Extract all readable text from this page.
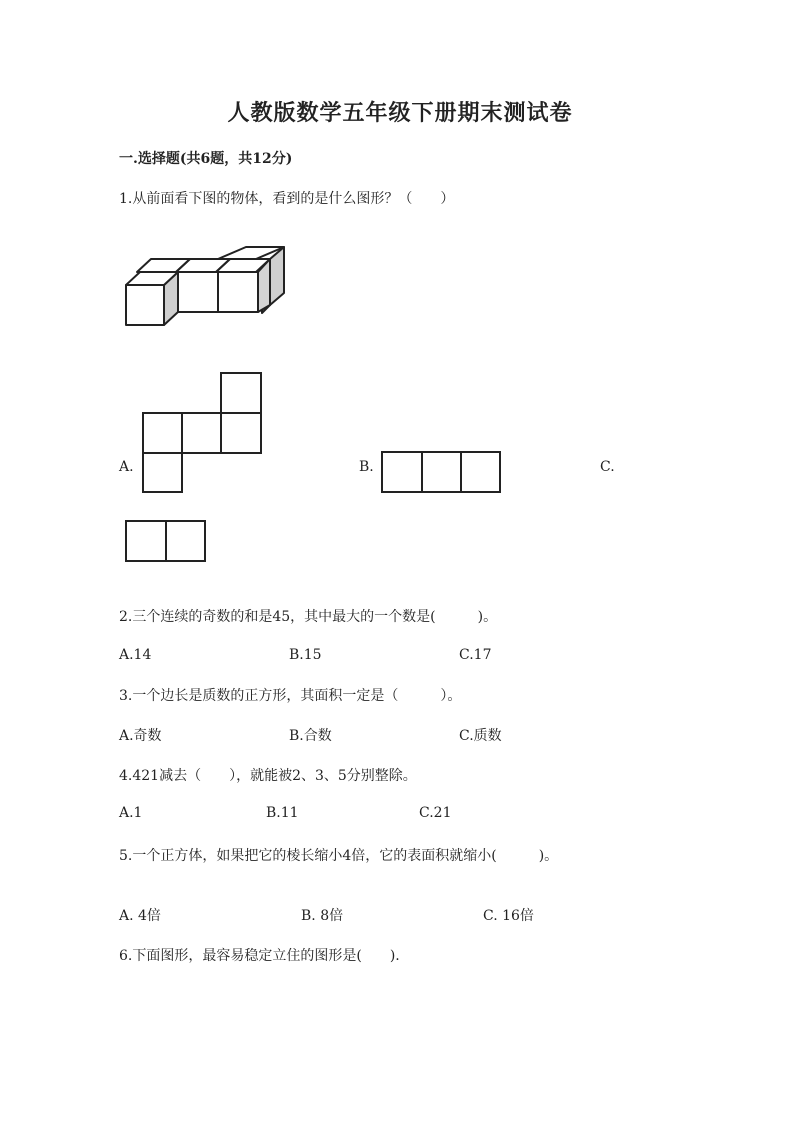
人教版数学五年级下册期末测试卷
一.选择题(共6题，共12分)
1.从前面看下图的物体，看到的是什么图形？（　　）
A.	B.	C.
2.三个连续的奇数的和是45，其中最大的一个数是(　　　)。
A.14	B.15	C.17
3.一个边长是质数的正方形，其面积一定是（　　　）。
A.奇数	B.合数	C.质数
4.421减去（　　），就能被2、3、5分别整除。
A.1	B.11	C.21
5.一个正方体，如果把它的棱长缩小4倍，它的表面积就缩小(　　　)。
A. 4倍	B. 8倍	C. 16倍
6.下面图形，最容易稳定立住的图形是(　　).
